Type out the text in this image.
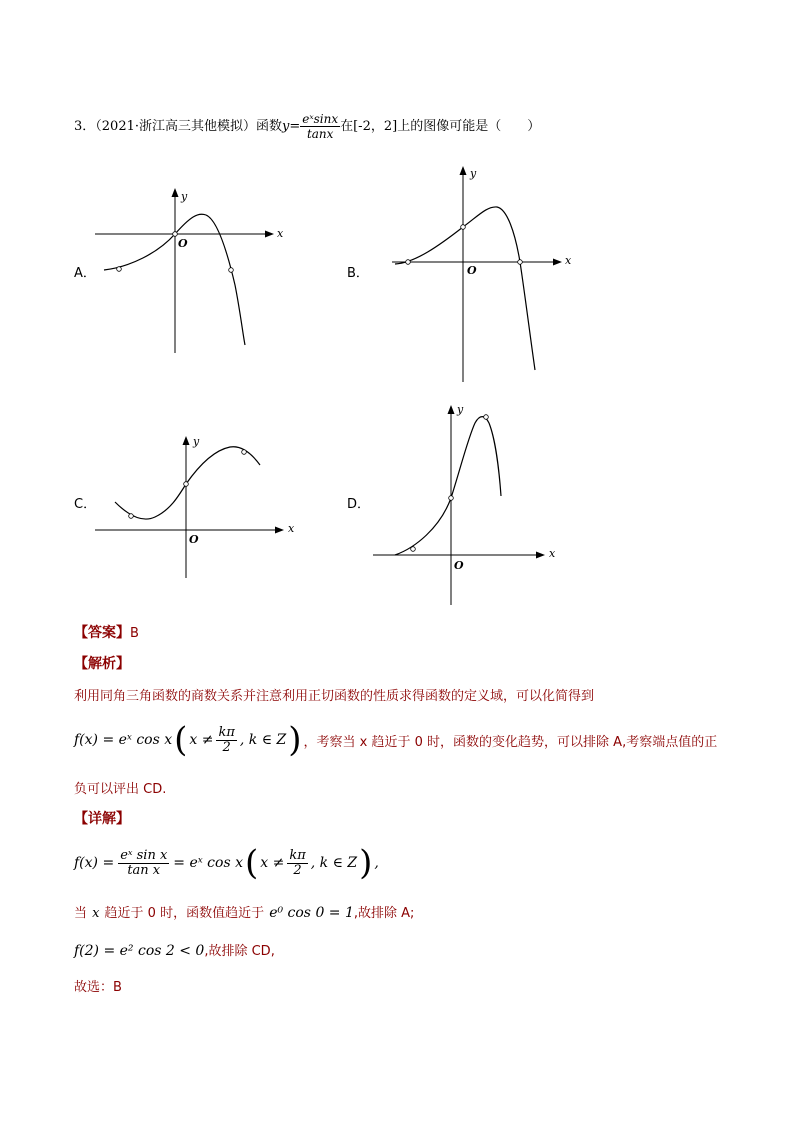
3．（2021·浙江高三其他模拟）函数$y= \frac{\text{eˣsinx}}{\tan x}$ 在[-2，2]上的图像可能是（　　）
A．	B．
C．	D．
x
y
O
x
y
O
x
y
O
x
y
O
【答案】B
【解析】
利用同角三角函数的商数关系并注意利用正切函数的性质求得函数的定义域，可以化简得到
f(x) = eˣ cos x ( $x \ne \frac{k\pi}{2}$ , k ∈ Z ) ，考察当 x 趋近于 0 时，函数的变化趋势，可以排除 A,考察端点值的正
负可以评出 CD.
【详解】
$f(x) = \frac{\text{eˣ sin x}}{\text{tan x}}$ = eˣ cos x ( $x \ne \frac{k\pi}{2}$ , k ∈ Z ) ,
当 x 趋近于 0 时，函数值趋近于 e⁰ cos 0 = 1,故排除 A;
f(2) = e² cos 2 < 0,故排除 CD,
故选：B
